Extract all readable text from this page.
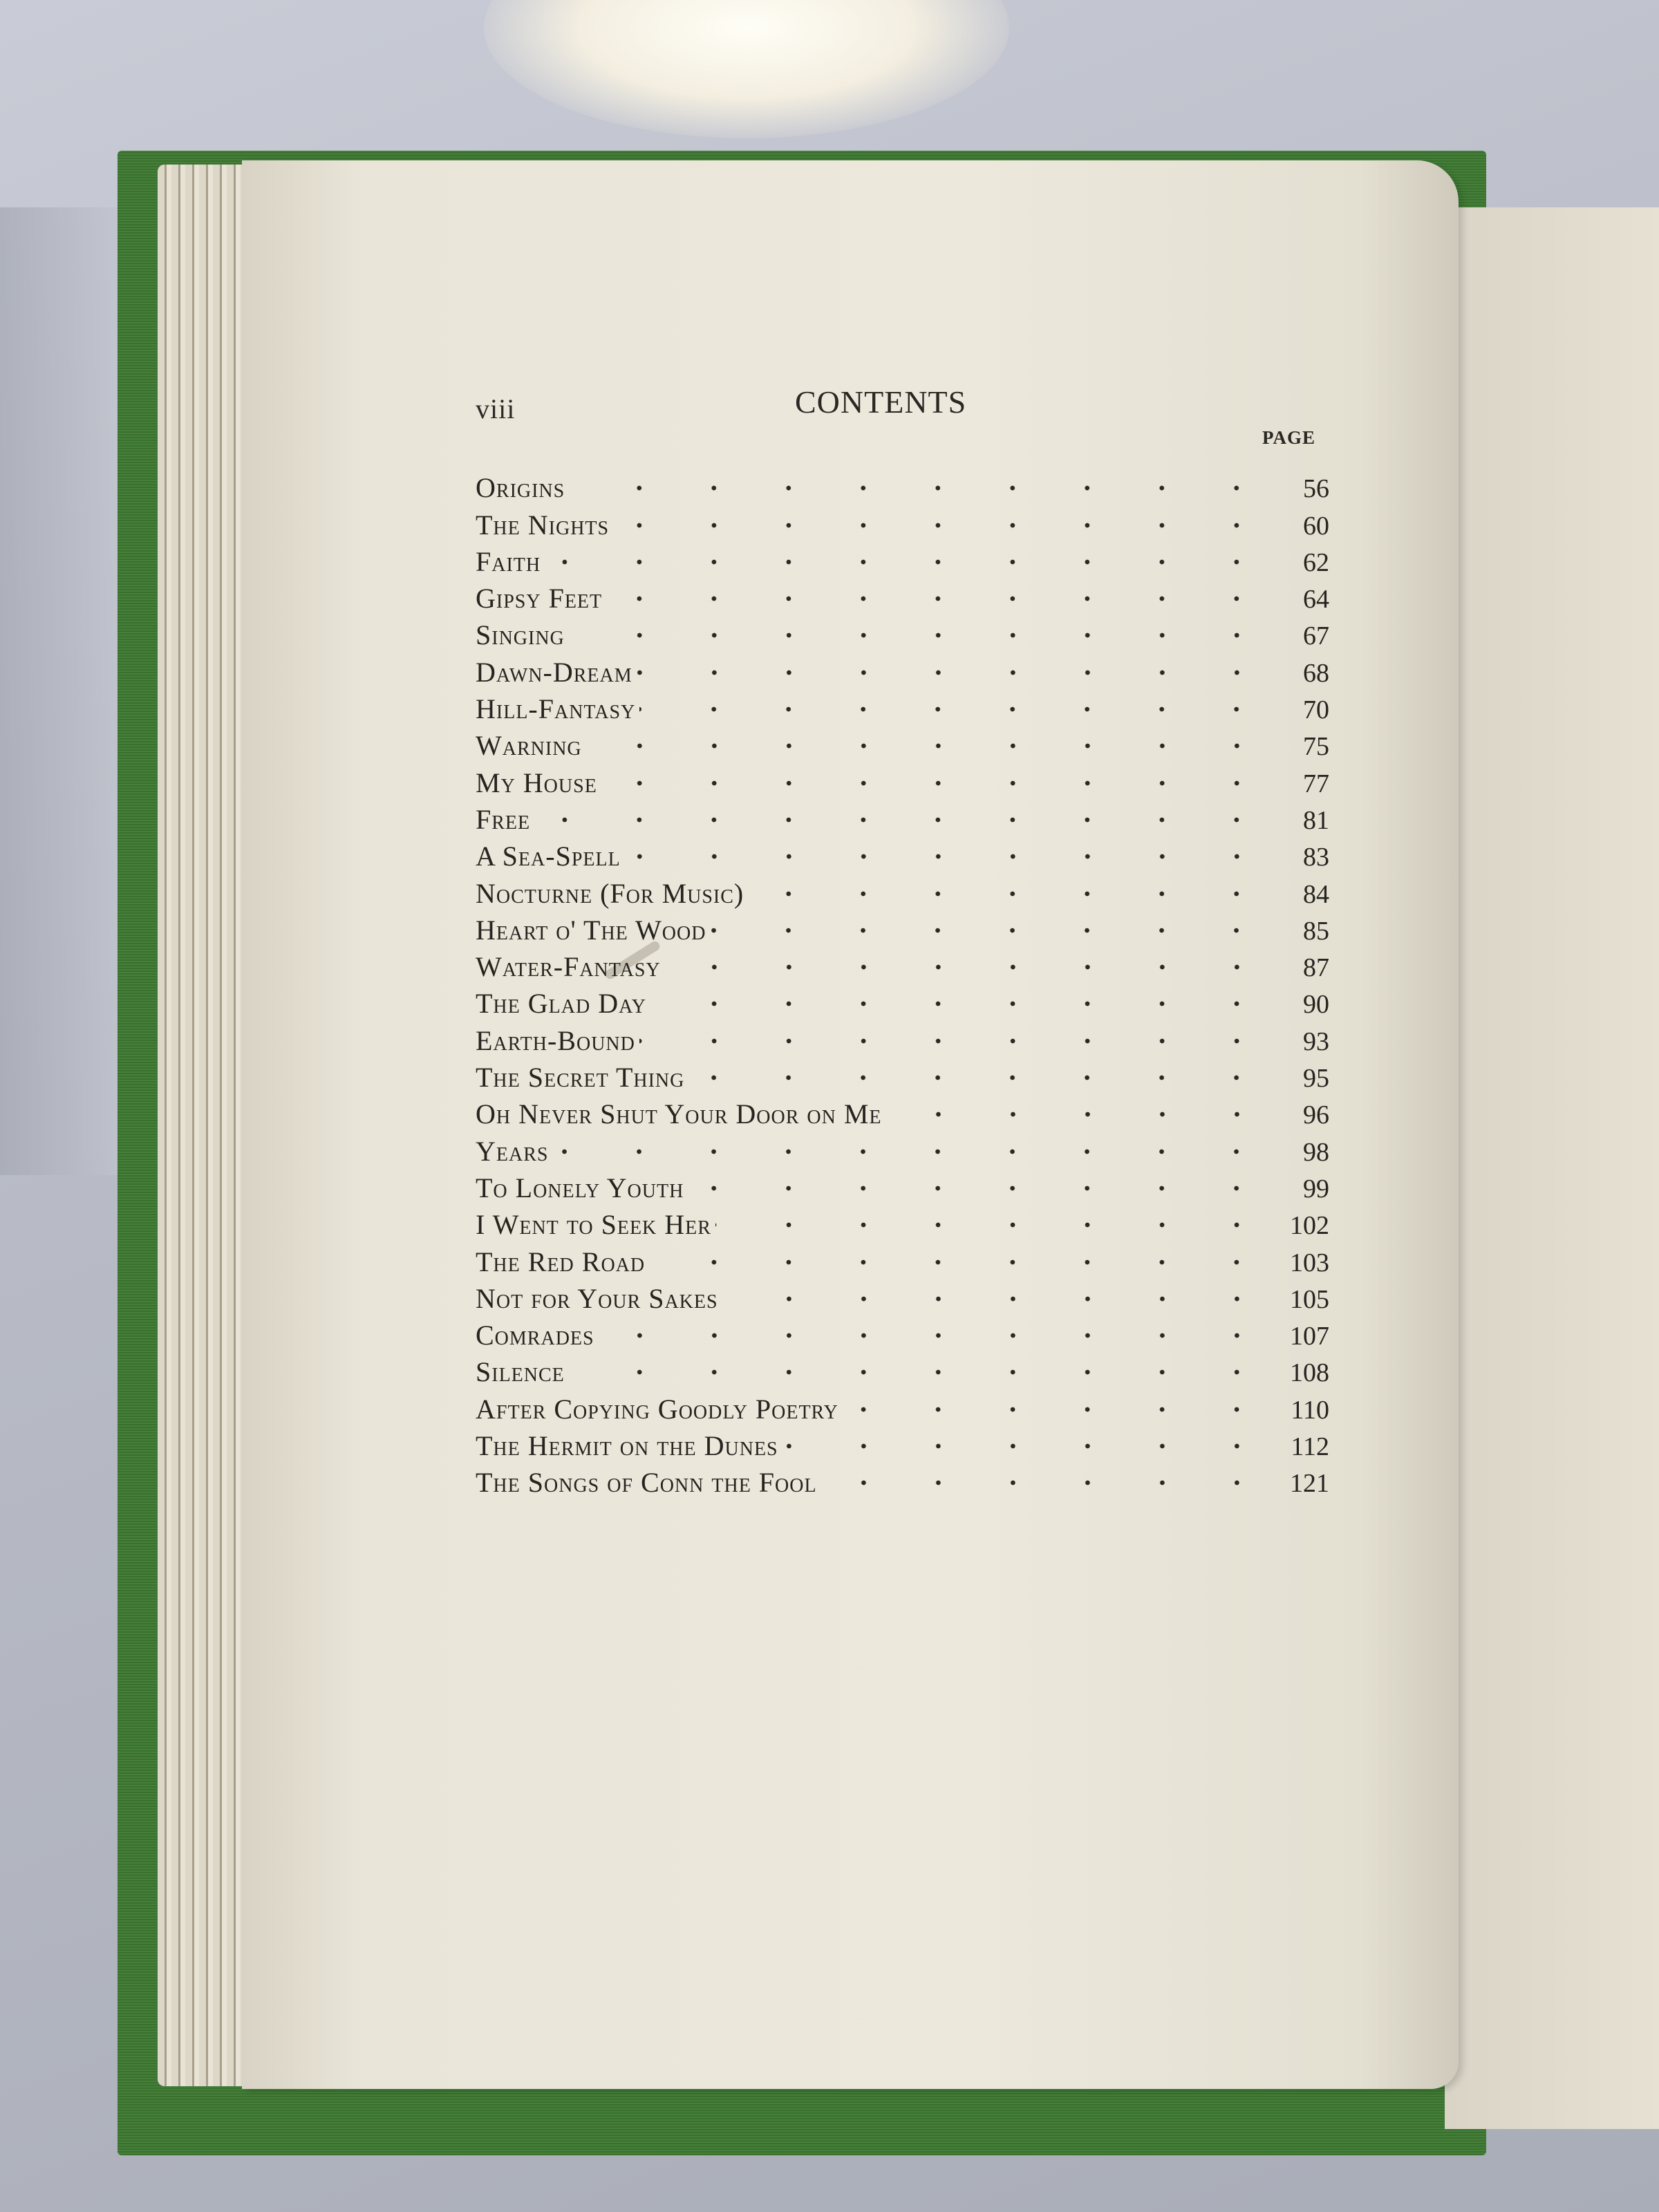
viii	CONTENTS
PAGE
Origins	56
The Nights	60
Faith	62
Gipsy Feet	64
Singing	67
Dawn-Dream	68
Hill-Fantasy	70
Warning	75
My House	77
Free	81
A Sea-Spell	83
Nocturne (For Music)	84
Heart o' The Wood	85
Water-Fantasy	87
The Glad Day	90
Earth-Bound	93
The Secret Thing	95
Oh Never Shut Your Door on Me	96
Years	98
To Lonely Youth	99
I Went to Seek Her	102
The Red Road	103
Not for Your Sakes	105
Comrades	107
Silence	108
After Copying Goodly Poetry	110
The Hermit on the Dunes	112
The Songs of Conn the Fool	121
